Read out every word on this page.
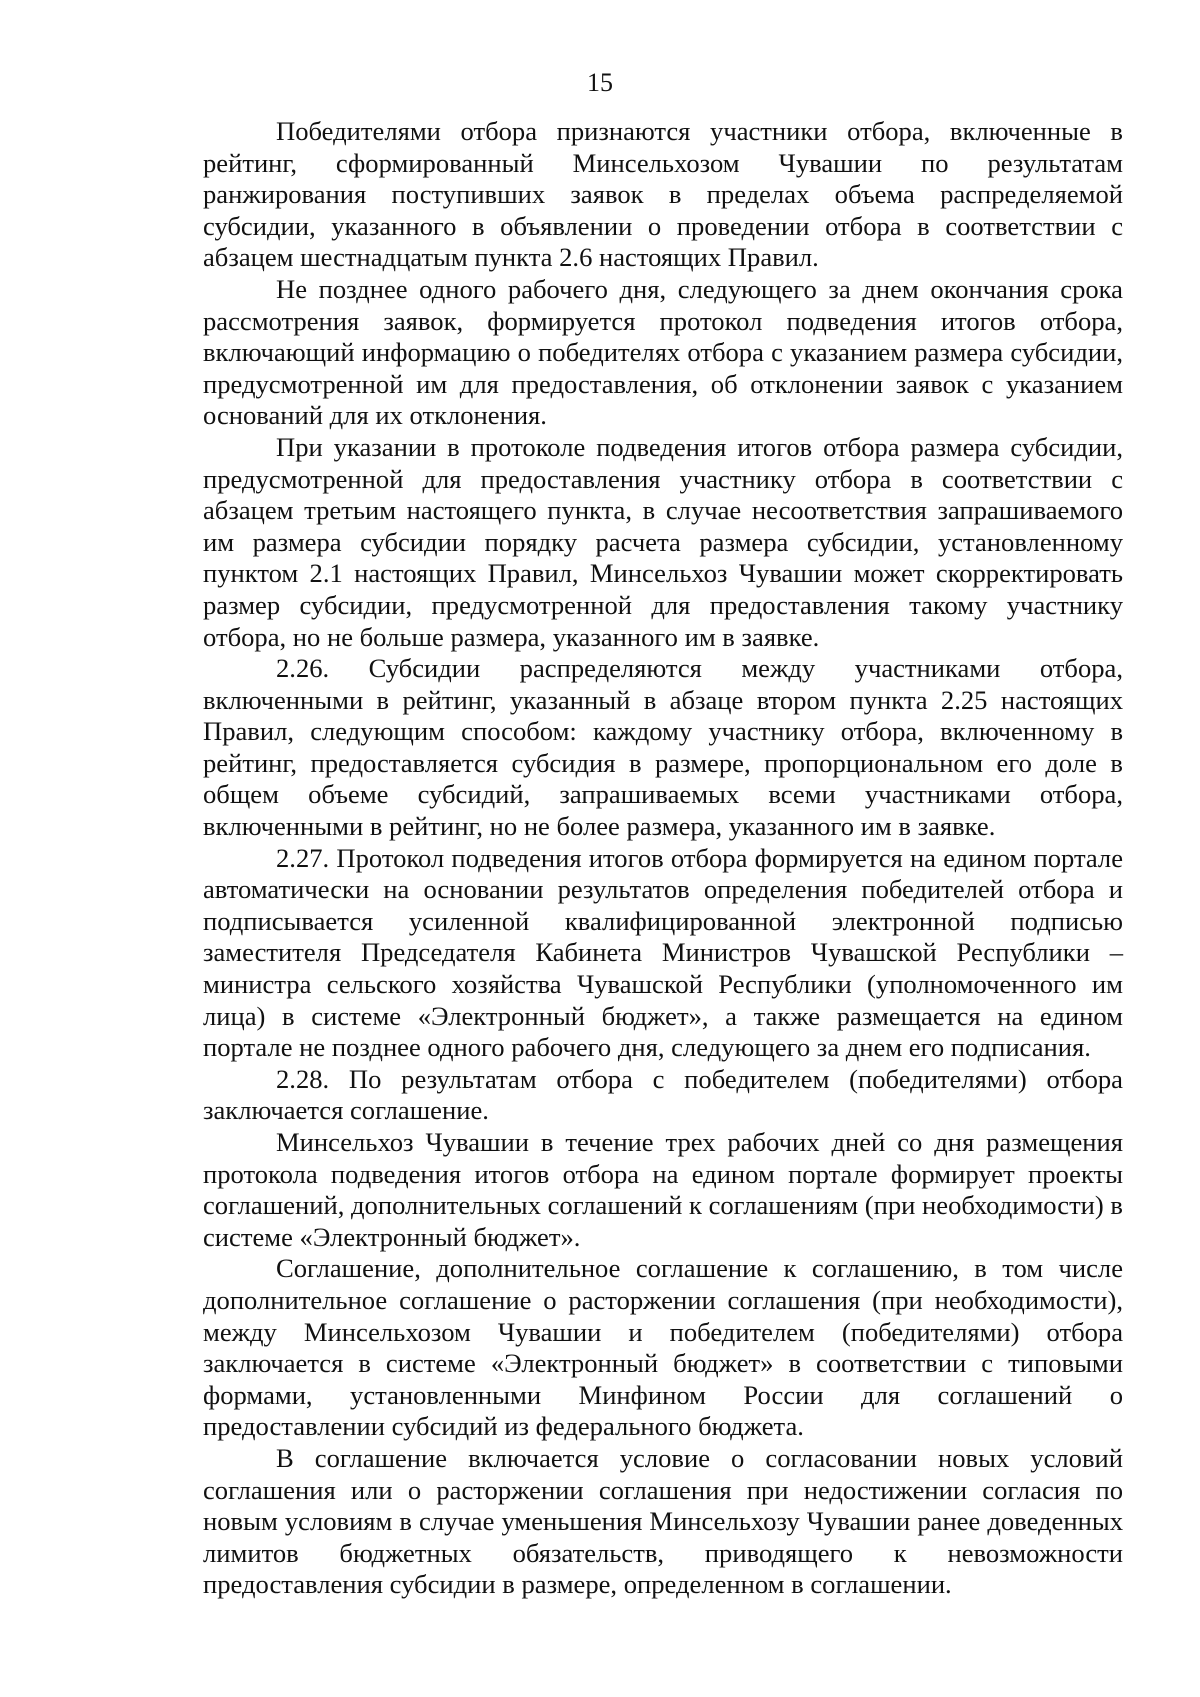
15

Победителями отбора признаются участники отбора, включенные в рейтинг, сформированный Минсельхозом Чувашии по результатам ранжирования поступивших заявок в пределах объема распределяемой субсидии, указанного в объявлении о проведении отбора в соответствии с абзацем шестнадцатым пункта 2.6 настоящих Правил.

Не позднее одного рабочего дня, следующего за днем окончания срока рассмотрения заявок, формируется протокол подведения итогов отбора, включающий информацию о победителях отбора с указанием размера субсидии, предусмотренной им для предоставления, об отклонении заявок с указанием оснований для их отклонения.

При указании в протоколе подведения итогов отбора размера субсидии, предусмотренной для предоставления участнику отбора в соответствии с абзацем третьим настоящего пункта, в случае несоответствия запрашиваемого им размера субсидии порядку расчета размера субсидии, установленному пунктом 2.1 настоящих Правил, Минсельхоз Чувашии может скорректировать размер субсидии, предусмотренной для предоставления такому участнику отбора, но не больше размера, указанного им в заявке.

2.26. Субсидии распределяются между участниками отбора, включенными в рейтинг, указанный в абзаце втором пункта 2.25 настоящих Правил, следующим способом: каждому участнику отбора, включенному в рейтинг, предоставляется субсидия в размере, пропорциональном его доле в общем объеме субсидий, запрашиваемых всеми участниками отбора, включенными в рейтинг, но не более размера, указанного им в заявке.

2.27. Протокол подведения итогов отбора формируется на едином портале автоматически на основании результатов определения победителей отбора и подписывается усиленной квалифицированной электронной подписью заместителя Председателя Кабинета Министров Чувашской Республики – министра сельского хозяйства Чувашской Республики (уполномоченного им лица) в системе «Электронный бюджет», а также размещается на едином портале не позднее одного рабочего дня, следующего за днем его подписания.

2.28. По результатам отбора с победителем (победителями) отбора заключается соглашение.

Минсельхоз Чувашии в течение трех рабочих дней со дня размещения протокола подведения итогов отбора на едином портале формирует проекты соглашений, дополнительных соглашений к соглашениям (при необходимости) в системе «Электронный бюджет».

Соглашение, дополнительное соглашение к соглашению, в том числе дополнительное соглашение о расторжении соглашения (при необходимости), между Минсельхозом Чувашии и победителем (победителями) отбора заключается в системе «Электронный бюджет» в соответствии с типовыми формами, установленными Минфином России для соглашений о предоставлении субсидий из федерального бюджета.

В соглашение включается условие о согласовании новых условий соглашения или о расторжении соглашения при недостижении согласия по новым условиям в случае уменьшения Минсельхозу Чувашии ранее доведенных лимитов бюджетных обязательств, приводящего к невозможности предоставления субсидии в размере, определенном в соглашении.
